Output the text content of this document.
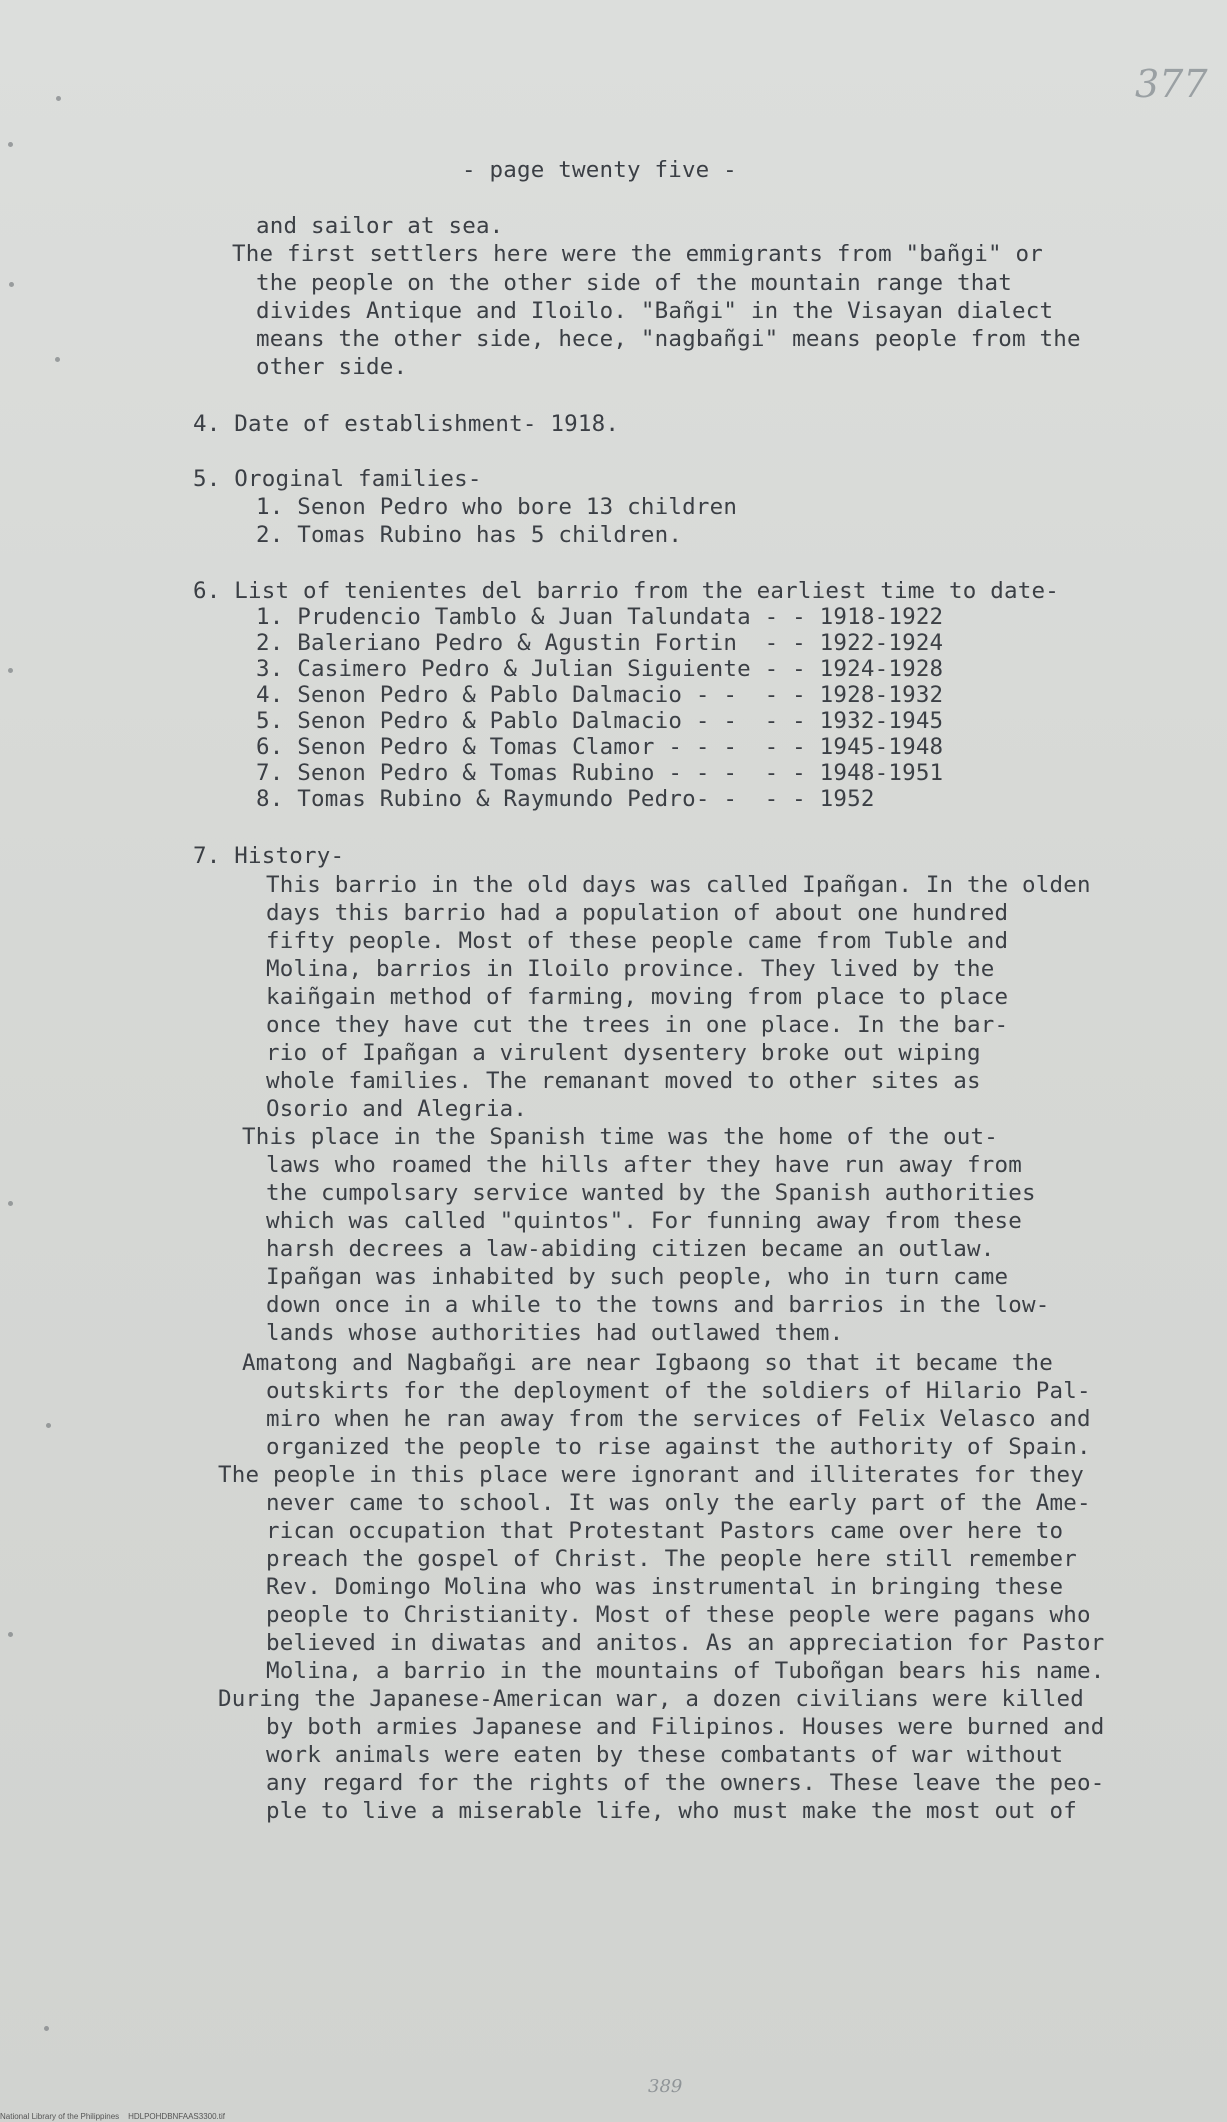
377
- page twenty five -
and sailor at sea.
The first settlers here were the emmigrants from "bañgi" or
the people on the other side of the mountain range that
divides Antique and Iloilo. "Bañgi" in the Visayan dialect
means the other side, hece, "nagbañgi" means people from the
other side.
4. Date of establishment- 1918.
5. Oroginal families-
1. Senon Pedro who bore 13 children
2. Tomas Rubino has 5 children.
6. List of tenientes del barrio from the earliest time to date-
1. Prudencio Tamblo & Juan Talundata - - 1918-1922
2. Baleriano Pedro & Agustin Fortin  - - 1922-1924
3. Casimero Pedro & Julian Siguiente - - 1924-1928
4. Senon Pedro & Pablo Dalmacio - -  - - 1928-1932
5. Senon Pedro & Pablo Dalmacio - -  - - 1932-1945
6. Senon Pedro & Tomas Clamor - - -  - - 1945-1948
7. Senon Pedro & Tomas Rubino - - -  - - 1948-1951
8. Tomas Rubino & Raymundo Pedro- -  - - 1952
7. History-
This barrio in the old days was called Ipañgan. In the olden
days this barrio had a population of about one hundred
fifty people. Most of these people came from Tuble and
Molina, barrios in Iloilo province. They lived by the
kaiñgain method of farming, moving from place to place
once they have cut the trees in one place. In the bar-
rio of Ipañgan a virulent dysentery broke out wiping
whole families. The remanant moved to other sites as
Osorio and Alegria.
This place in the Spanish time was the home of the out-
laws who roamed the hills after they have run away from
the cumpolsary service wanted by the Spanish authorities
which was called "quintos". For funning away from these
harsh decrees a law-abiding citizen became an outlaw.
Ipañgan was inhabited by such people, who in turn came
down once in a while to the towns and barrios in the low-
lands whose authorities had outlawed them.
Amatong and Nagbañgi are near Igbaong so that it became the
outskirts for the deployment of the soldiers of Hilario Pal-
miro when he ran away from the services of Felix Velasco and
organized the people to rise against the authority of Spain.
The people in this place were ignorant and illiterates for they
never came to school. It was only the early part of the Ame-
rican occupation that Protestant Pastors came over here to
preach the gospel of Christ. The people here still remember
Rev. Domingo Molina who was instrumental in bringing these
people to Christianity. Most of these people were pagans who
believed in diwatas and anitos. As an appreciation for Pastor
Molina, a barrio in the mountains of Tuboñgan bears his name.
During the Japanese-American war, a dozen civilians were killed
by both armies Japanese and Filipinos. Houses were burned and
work animals were eaten by these combatants of war without
any regard for the rights of the owners. These leave the peo-
ple to live a miserable life, who must make the most out of
389
National Library of the Philippines    HDLPOHDBNFAAS3300.tif
